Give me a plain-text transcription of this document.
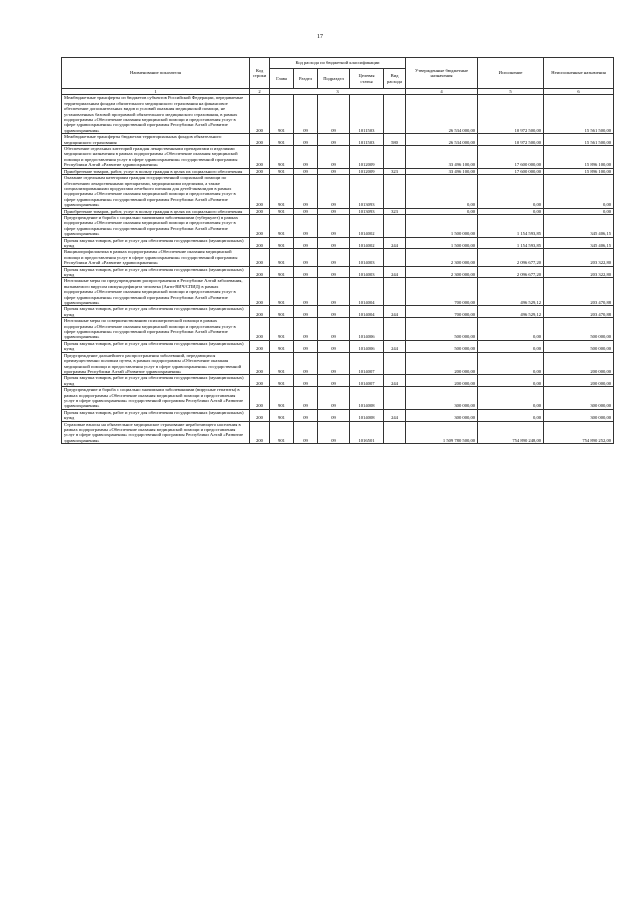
17
Наименование показателя	Код строки	Код расхода по бюджетной классификации					Утвержденные бюджетные назначения	Исполнение	Неисполненные назначения
		Глава	Раздел	Подраздел	Целевая статья	Вид расхода			
1	2	3					4	5	6
Межбюджетные трансферты из бюджетов субъектов Российской Федерации, передаваемые территориальным фондам обязательного медицинского страхования на финансовое обеспечение дополнительных видов и условий оказания медицинской помощи, не установленных базовой программой обязательного медицинского страхования, в рамках подпрограммы «Обеспечение оказания медицинской помощи и предоставления услуг в сфере здравоохранения» государственной программы Республики Алтай «Развитие здравоохранения»	200	901	09	09	1011503		26 534 000,00	10 972 500,00	15 561 500,00
Межбюджетные трансферты бюджетам территориальных фондов обязательного медицинского страхования	200	901	09	09	1011503	580	26 534 000,00	10 972 500,00	15 561 500,00
Обеспечение отдельных категорий граждан лекарственными препаратами и изделиями медицинского назначения в рамках подпрограммы «Обеспечение оказания медицинской помощи и предоставления услуг в сфере здравоохранения» государственной программы Республики Алтай «Развитие здравоохранения»	200	901	09	09	1012009		33 496 100,00	17 600 000,00	15 896 100,00
Приобретение товаров, работ, услуг в пользу граждан в целях их социального обеспечения	200	901	09	09	1012009	323	33 496 100,00	17 600 000,00	15 896 100,00
Оказание отдельным категориям граждан государственной социальной помощи по обеспечению лекарственными препаратами, медицинскими изделиями, а также специализированными продуктами лечебного питания для детей-инвалидов в рамках подпрограммы «Обеспечение оказания медицинской помощи и предоставления услуг в сфере здравоохранения» государственной программы Республики Алтай «Развитие здравоохранения»	200	901	09	09	1013093		0,00	0,00	0,00
Приобретение товаров, работ, услуг в пользу граждан в целях их социального обеспечения	200	901	09	09	1013093	323	0,00	0,00	0,00
Предупреждение и борьба с социально значимыми заболеваниями (туберкулез) в рамках подпрограммы «Обеспечение оказания медицинской помощи и предоставления услуг в сфере здравоохранения» государственной программы Республики Алтай «Развитие здравоохранения»	200	901	09	09	1014002		1 500 000,00	1 154 593,85	345 406,15
Прочая закупка товаров, работ и услуг для обеспечения государственных (муниципальных) нужд	200	901	09	09	1014002	244	1 500 000,00	1 154 593,85	345 406,15
Вакцинопрофилактика в рамках подпрограммы «Обеспечение оказания медицинской помощи и предоставления услуг в сфере здравоохранения» государственной программы Республики Алтай «Развитие здравоохранения»	200	901	09	09	1014003		2 300 000,00	2 096 677,20	203 322,80
Прочая закупка товаров, работ и услуг для обеспечения государственных (муниципальных) нужд	200	901	09	09	1014003	244	2 300 000,00	2 096 677,20	203 322,80
Неотложные меры по предупреждению распространения в Республике Алтай заболевания, вызываемого вирусом иммунодефицита человека (Анти-ВИЧ/СПИД) в рамках подпрограммы «Обеспечение оказания медицинской помощи и предоставления услуг в сфере здравоохранения» государственной программы Республики Алтай «Развитие здравоохранения»	200	901	09	09	1014004		700 000,00	496 529,12	203 470,88
Прочая закупка товаров, работ и услуг для обеспечения государственных (муниципальных) нужд	200	901	09	09	1014004	244	700 000,00	496 529,12	203 470,88
Неотложные меры по совершенствованию психиатрической помощи в рамках подпрограммы «Обеспечение оказания медицинской помощи и предоставления услуг в сфере здравоохранения» государственной программы Республики Алтай «Развитие здравоохранения»	200	901	09	09	1014006		500 000,00	0,00	500 000,00
Прочая закупка товаров, работ и услуг для обеспечения государственных (муниципальных) нужд	200	901	09	09	1014006	244	500 000,00	0,00	500 000,00
Предупреждение дальнейшего распространения заболеваний, передающихся преимущественно половым путем, в рамках подпрограммы «Обеспечение оказания медицинской помощи и предоставления услуг в сфере здравоохранения» государственной программы Республики Алтай «Развитие здравоохранения»	200	901	09	09	1014007		200 000,00	0,00	200 000,00
Прочая закупка товаров, работ и услуг для обеспечения государственных (муниципальных) нужд	200	901	09	09	1014007	244	200 000,00	0,00	200 000,00
Предупреждение и борьба с социально значимыми заболеваниями (вирусные гепатиты) в рамках подпрограммы «Обеспечение оказания медицинской помощи и предоставления услуг в сфере здравоохранения» государственной программы Республики Алтай «Развитие здравоохранения»	200	901	09	09	1014008		300 000,00	0,00	300 000,00
Прочая закупка товаров, работ и услуг для обеспечения государственных (муниципальных) нужд	200	901	09	09	1014008	244	300 000,00	0,00	300 000,00
Страховые взносы на обязательное медицинское страхование неработающего населения в рамках подпрограммы «Обеспечение оказания медицинской помощи и предоставления услуг в сфере здравоохранения» государственной программы Республики Алтай «Развитие здравоохранения»	200	901	09	09	1016501		1 509 780 500,00	754 890 248,00	754 890 252,00
